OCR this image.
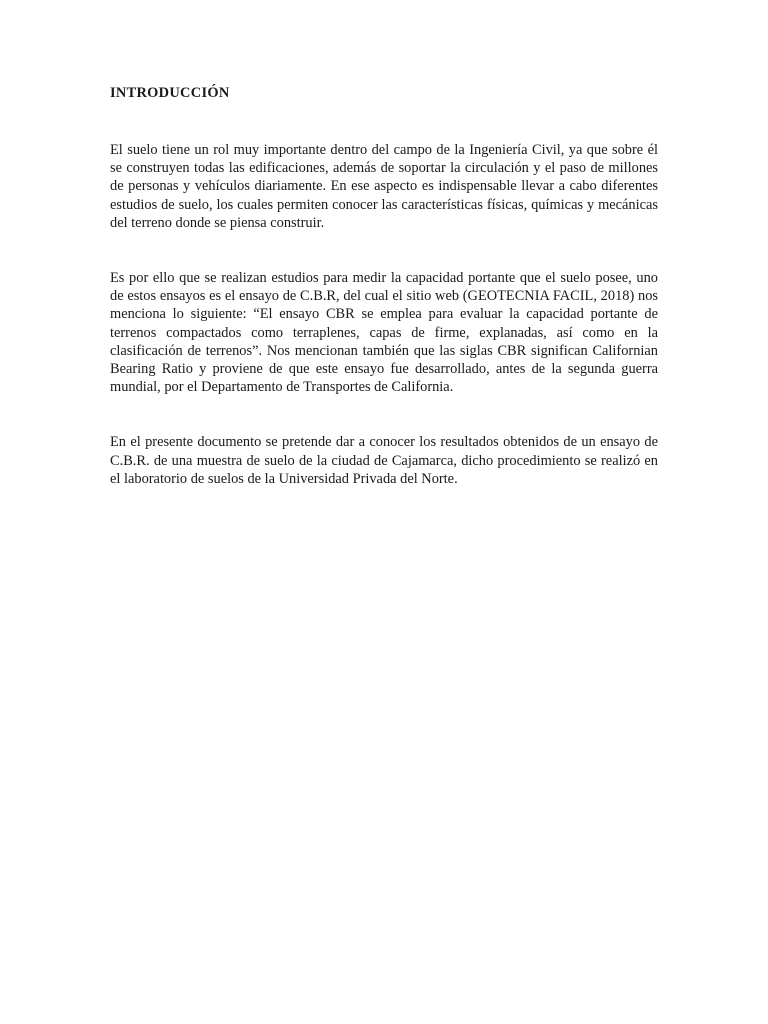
INTRODUCCIÓN

El suelo tiene un rol muy importante dentro del campo de la Ingeniería Civil, ya que sobre él se construyen todas las edificaciones, además de soportar la circulación y el paso de millones de personas y vehículos diariamente. En ese aspecto es indispensable llevar a cabo diferentes estudios de suelo, los cuales permiten conocer las características físicas, químicas y mecánicas del terreno donde se piensa construir.

Es por ello que se realizan estudios para medir la capacidad portante que el suelo posee, uno de estos ensayos es el ensayo de C.B.R, del cual el sitio web (GEOTECNIA FACIL, 2018) nos menciona lo siguiente: “El ensayo CBR se emplea para evaluar la capacidad portante de terrenos compactados como terraplenes, capas de firme, explanadas, así como en la clasificación de terrenos”. Nos mencionan también que las siglas CBR significan Californian Bearing Ratio y proviene de que este ensayo fue desarrollado, antes de la segunda guerra mundial, por el Departamento de Transportes de California.

En el presente documento se pretende dar a conocer los resultados obtenidos de un ensayo de C.B.R. de una muestra de suelo de la ciudad de Cajamarca, dicho procedimiento se realizó en el laboratorio de suelos de la Universidad Privada del Norte.
